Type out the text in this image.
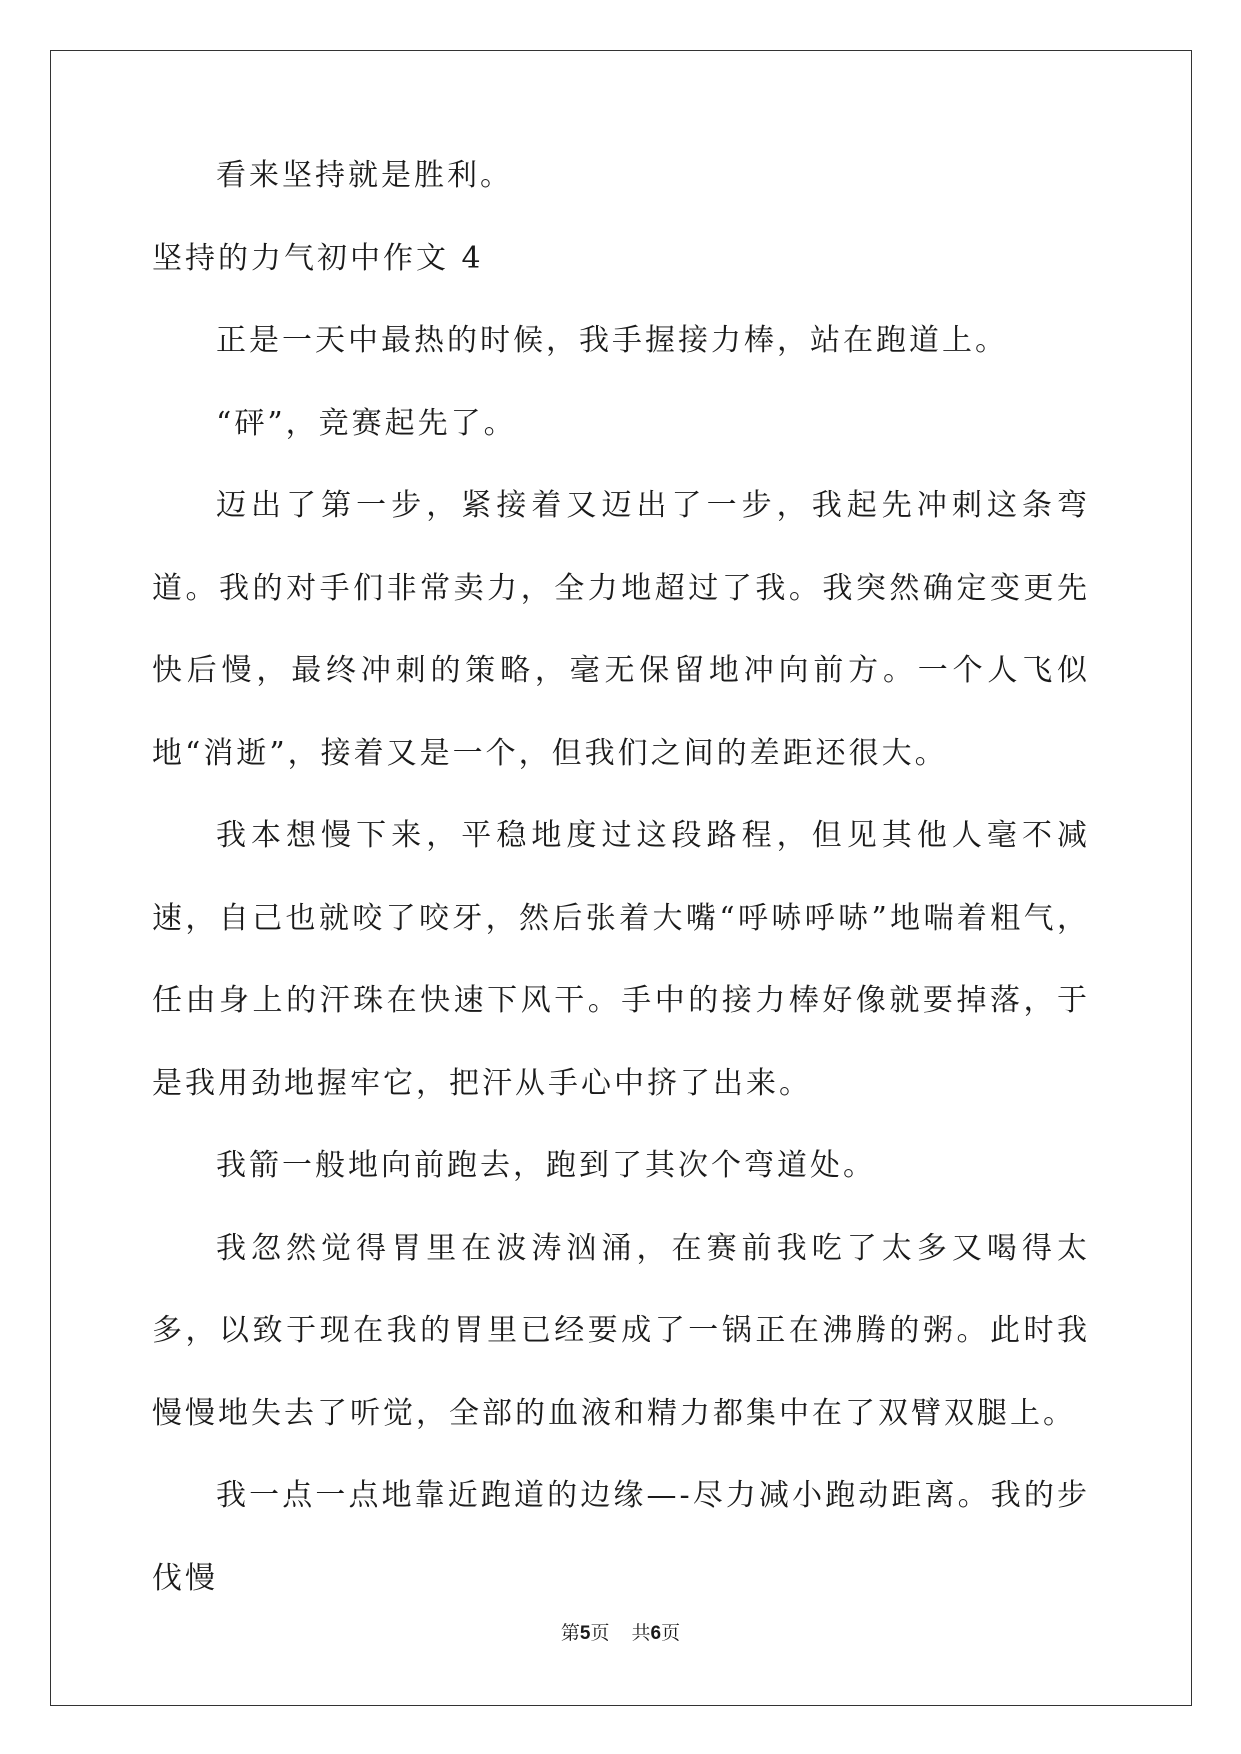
看来坚持就是胜利。

坚持的力气初中作文 4

正是一天中最热的时候，我手握接力棒，站在跑道上。

“砰”，竞赛起先了。

迈出了第一步，紧接着又迈出了一步，我起先冲刺这条弯道。我的对手们非常卖力，全力地超过了我。我突然确定变更先快后慢，最终冲刺的策略，毫无保留地冲向前方。一个人飞似地“消逝”，接着又是一个，但我们之间的差距还很大。

我本想慢下来，平稳地度过这段路程，但见其他人毫不减速，自己也就咬了咬牙，然后张着大嘴“呼哧呼哧”地喘着粗气，任由身上的汗珠在快速下风干。手中的接力棒好像就要掉落，于是我用劲地握牢它，把汗从手心中挤了出来。

我箭一般地向前跑去，跑到了其次个弯道处。

我忽然觉得胃里在波涛汹涌，在赛前我吃了太多又喝得太多，以致于现在我的胃里已经要成了一锅正在沸腾的粥。此时我慢慢地失去了听觉，全部的血液和精力都集中在了双臂双腿上。

我一点一点地靠近跑道的边缘—-尽力减小跑动距离。我的步伐慢

第5页 共6页
